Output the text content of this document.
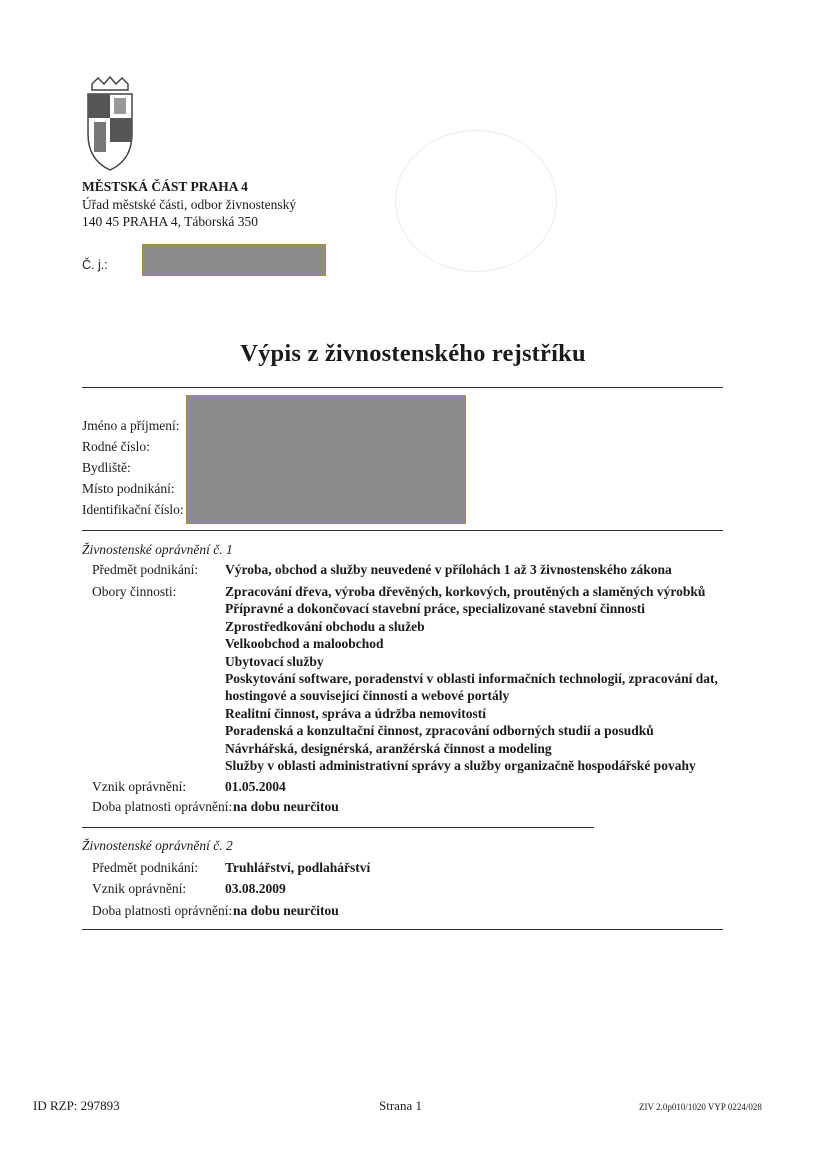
MĚSTSKÁ ČÁST PRAHA 4
Úřad městské části, odbor živnostenský
140 45 PRAHA 4, Táborská 350
Č. j.:
Výpis z živnostenského rejstříku
Jméno a příjmení:
Rodné číslo:
Bydliště:
Místo podnikání:
Identifikační číslo:
Živnostenské oprávnění č. 1
Předmět podnikání: Výroba, obchod a služby neuvedené v přílohách 1 až 3 živnostenského zákona
Obory činnosti:	Zpracování dřeva, výroba dřevěných, korkových, proutěných a slaměných výrobků
Přípravné a dokončovací stavební práce, specializované stavební činnosti
Zprostředkování obchodu a služeb
Velkoobchod a maloobchod
Ubytovací služby
Poskytování software, poradenství v oblasti informačních technologií, zpracování dat,
hostingové a související činnosti a webové portály
Realitní činnost, správa a údržba nemovitostí
Poradenská a konzultační činnost, zpracování odborných studií a posudků
Návrhářská, designérská, aranžérská činnost a modeling
Služby v oblasti administrativní správy a služby organizačně hospodářské povahy
Vznik oprávnění:	01.05.2004
Doba platnosti oprávnění: na dobu neurčitou
Živnostenské oprávnění č. 2
Předmět podnikání: Truhlářství, podlahářství
Vznik oprávnění:	03.08.2009
Doba platnosti oprávnění: na dobu neurčitou
ID RZP: 297893	Strana 1	ZIV 2.0p010/1020 VYP 0224/028
